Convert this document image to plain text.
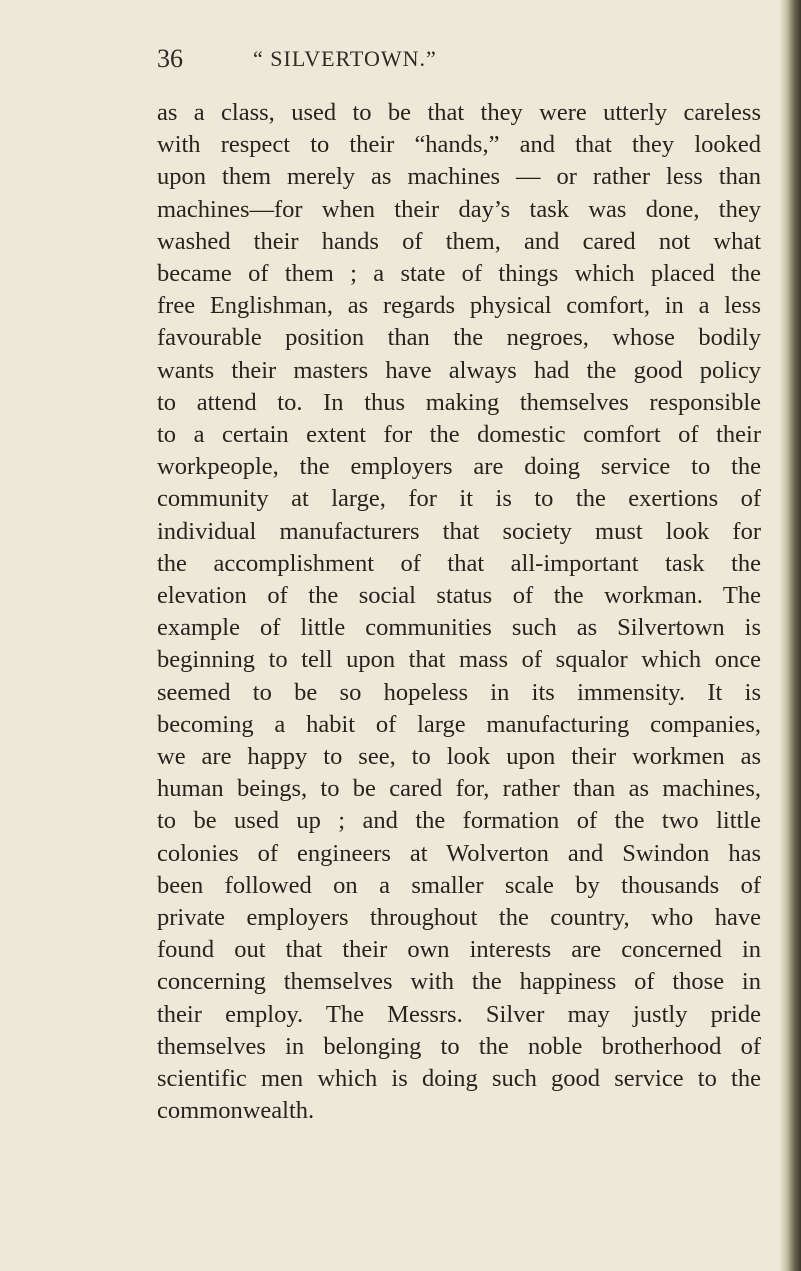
36	“ SILVERTOWN.”
as a class, used to be that they were utterly careless
with respect to their “hands,” and that they looked
upon them merely as machines — or rather less than
machines—for when their day’s task was done, they
washed their hands of them, and cared not what
became of them ; a state of things which placed the
free Englishman, as regards physical comfort, in a less
favourable position than the negroes, whose bodily
wants their masters have always had the good policy
to attend to. In thus making themselves responsible
to a certain extent for the domestic comfort of their
workpeople, the employers are doing service to the
community at large, for it is to the exertions of
individual manufacturers that society must look for
the accomplishment of that all-important task the
elevation of the social status of the workman. The
example of little communities such as Silvertown is
beginning to tell upon that mass of squalor which once
seemed to be so hopeless in its immensity. It is
becoming a habit of large manufacturing companies,
we are happy to see, to look upon their workmen as
human beings, to be cared for, rather than as machines,
to be used up ; and the formation of the two little
colonies of engineers at Wolverton and Swindon has
been followed on a smaller scale by thousands of
private employers throughout the country, who have
found out that their own interests are concerned in
concerning themselves with the happiness of those in
their employ. The Messrs. Silver may justly pride
themselves in belonging to the noble brotherhood of
scientific men which is doing such good service to the
commonwealth.
